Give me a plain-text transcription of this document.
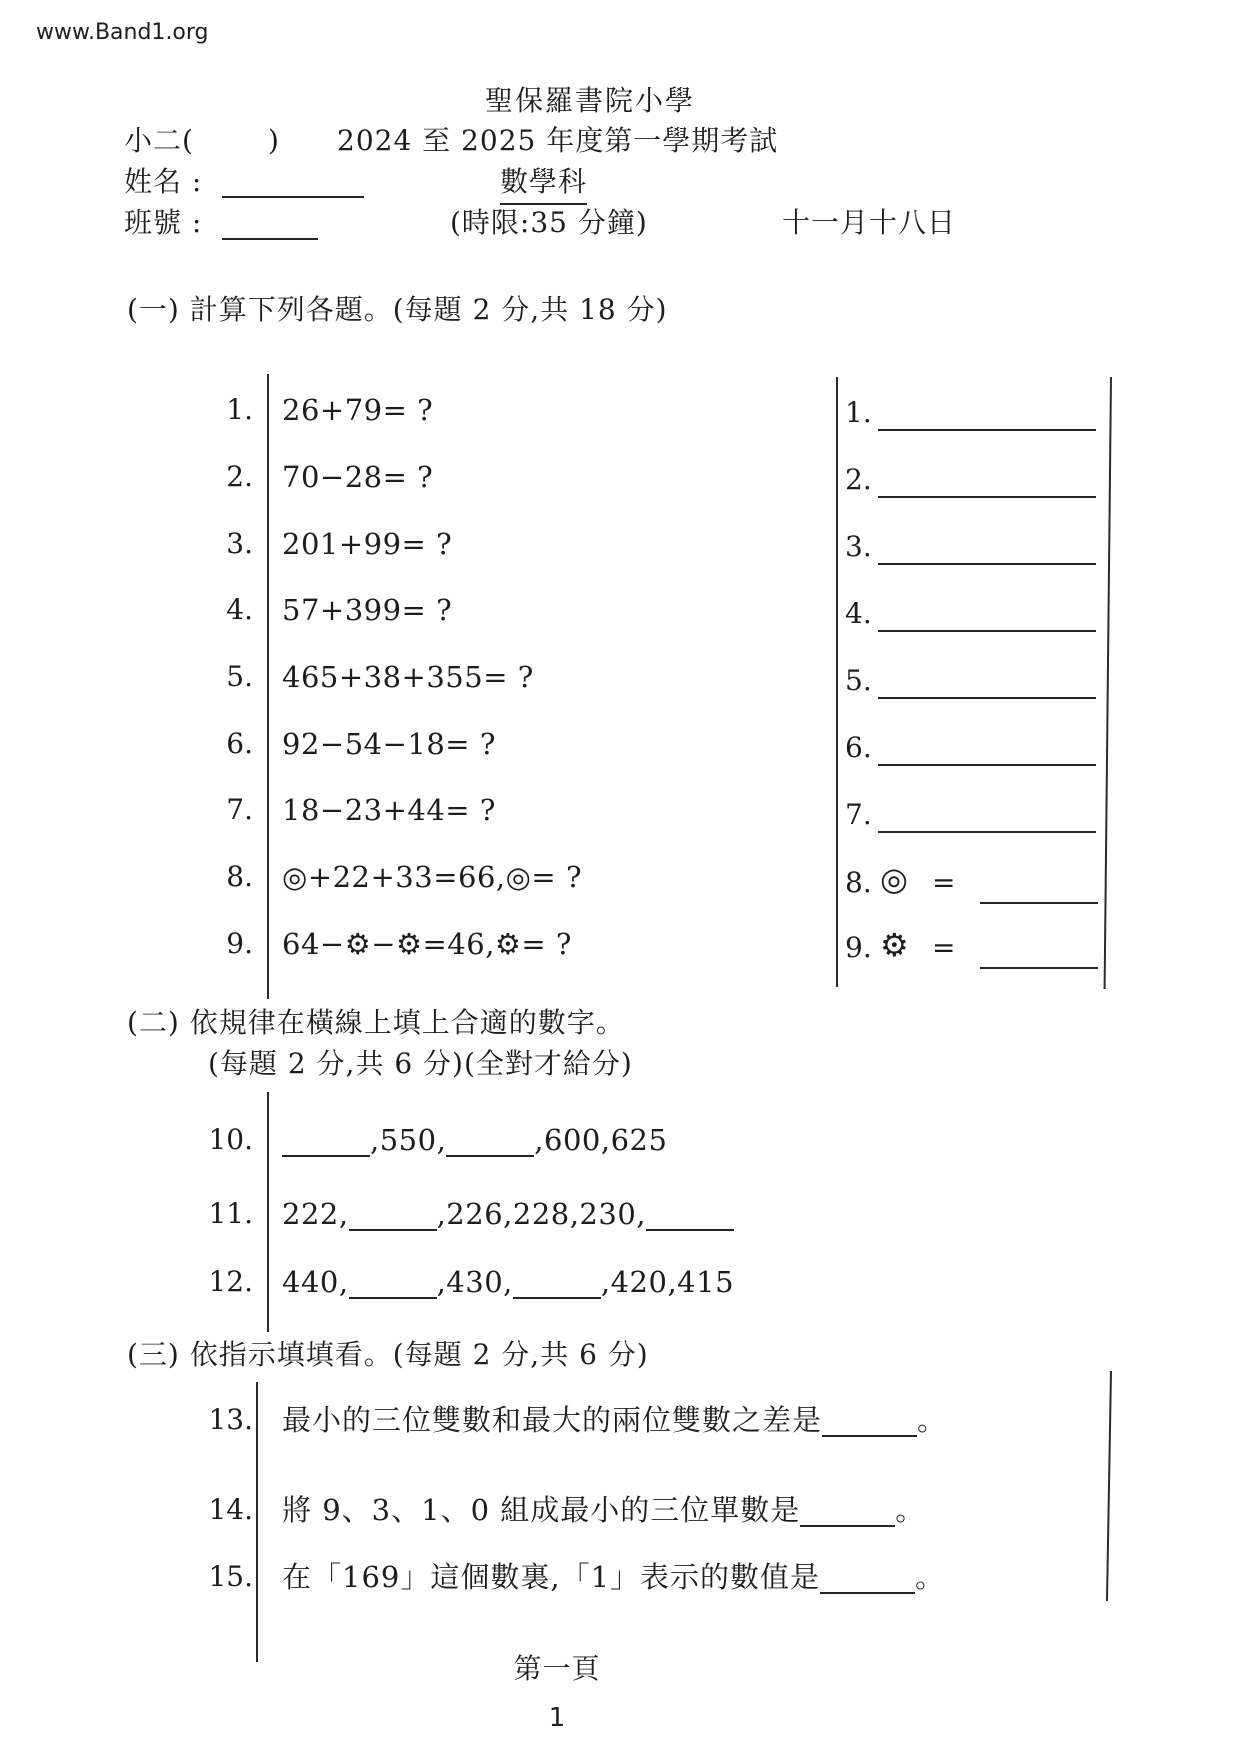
www.Band1.org
聖保羅書院小學
小二(	) 2024 至 2025 年度第一學期考試
姓名 :	數學科
班號 :	(時限:35 分鐘)	十一月十八日
(一) 計算下列各題。(每題 2 分,共 18 分)
1. 26+79= ?
2. 70−28= ?
3. 201+99= ?
4. 57+399= ?
5. 465+38+355= ?
6. 92−54−18= ?
7. 18−23+44= ?
8. ◎+22+33=66,◎= ?
9. 64−⚙−⚙=46,⚙= ?
1.
2.
3.
4.
5.
6.
7.
8. ◎ =
9. ⚙ =
(二) 依規律在橫線上填上合適的數字。
(每題 2 分,共 6 分)(全對才給分)
10.	,550,	,600,625
11. 222,	,226,228,230,
12. 440,	,430,	,420,415
(三) 依指示填填看。(每題 2 分,共 6 分)
13. 最小的三位雙數和最大的兩位雙數之差是	。
14. 將 9、3、1、0 組成最小的三位單數是	。
15. 在「169」這個數裏,「1」表示的數值是	。
第一頁
1
